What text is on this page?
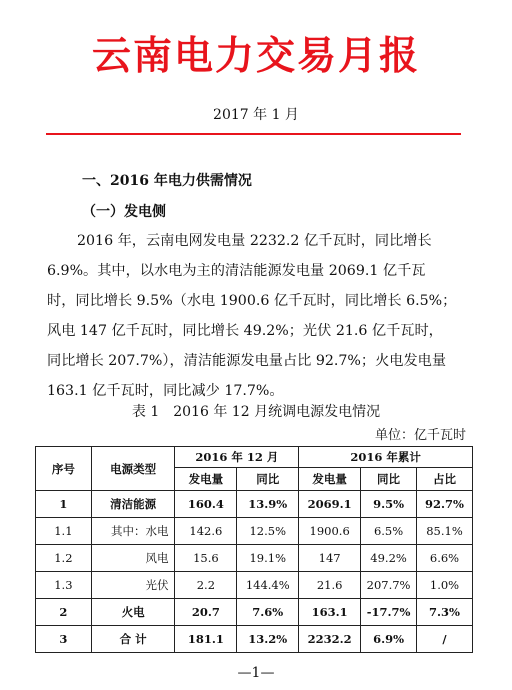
云南电力交易月报
2017 年 1 月
一、2016 年电力供需情况
（一）发电侧

2016 年，云南电网发电量 2232.2 亿千瓦时，同比增长
6.9%。其中，以水电为主的清洁能源发电量 2069.1 亿千瓦
时，同比增长 9.5%（水电 1900.6 亿千瓦时，同比增长 6.5%；
风电 147 亿千瓦时，同比增长 49.2%；光伏 21.6 亿千瓦时，
同比增长 207.7%），清洁能源发电量占比 92.7%；火电发电量
163.1 亿千瓦时，同比减少 17.7%。

表 1　2016 年 12 月统调电源发电情况
单位：亿千瓦时
序号	电源类型	2016 年 12 月		2016 年累计		
		发电量	同比	发电量	同比	占比
1	清洁能源	160.4	13.9%	2069.1	9.5%	92.7%
1.1	其中：水电	142.6	12.5%	1900.6	6.5%	85.1%
1.2	风电	15.6	19.1%	147	49.2%	6.6%
1.3	光伏	2.2	144.4%	21.6	207.7%	1.0%
2	火电	20.7	7.6%	163.1	-17.7%	7.3%
3	合 计	181.1	13.2%	2232.2	6.9%	/
—1—
